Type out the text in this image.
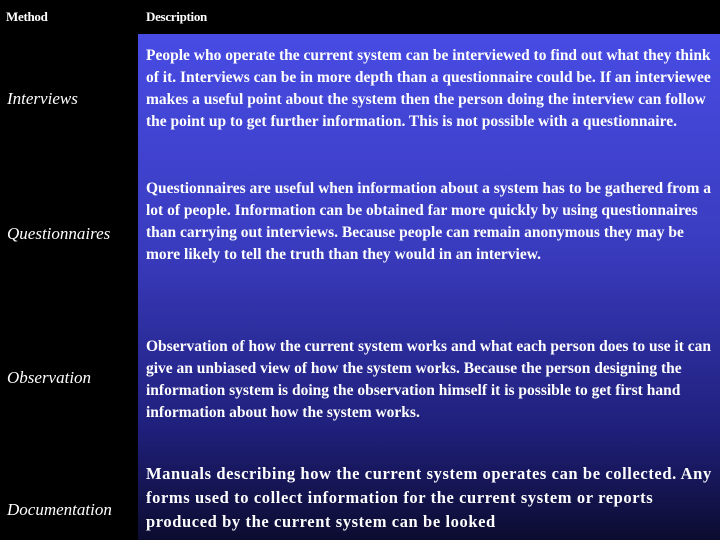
Method	Description
Interviews
People who operate the current system can be interviewed to find out what they think of it. Interviews can be in more depth than a questionnaire could be. If an interviewee makes a useful point about the system then the person doing the interview can follow the point up to get further information. This is not possible with a questionnaire.
Questionnaires
Questionnaires are useful when information about a system has to be gathered from a lot of people. Information can be obtained far more quickly by using questionnaires than carrying out interviews. Because people can remain anonymous they may be more likely to tell the truth than they would in an interview.
Observation
Observation of how the current system works and what each person does to use it can give an unbiased view of how the system works. Because the person designing the information system is doing the observation himself it is possible to get first hand information about how the system works.
Documentation
Manuals describing how the current system operates can be collected. Any forms used to collect information for the current system or reports produced by the current system can be looked
